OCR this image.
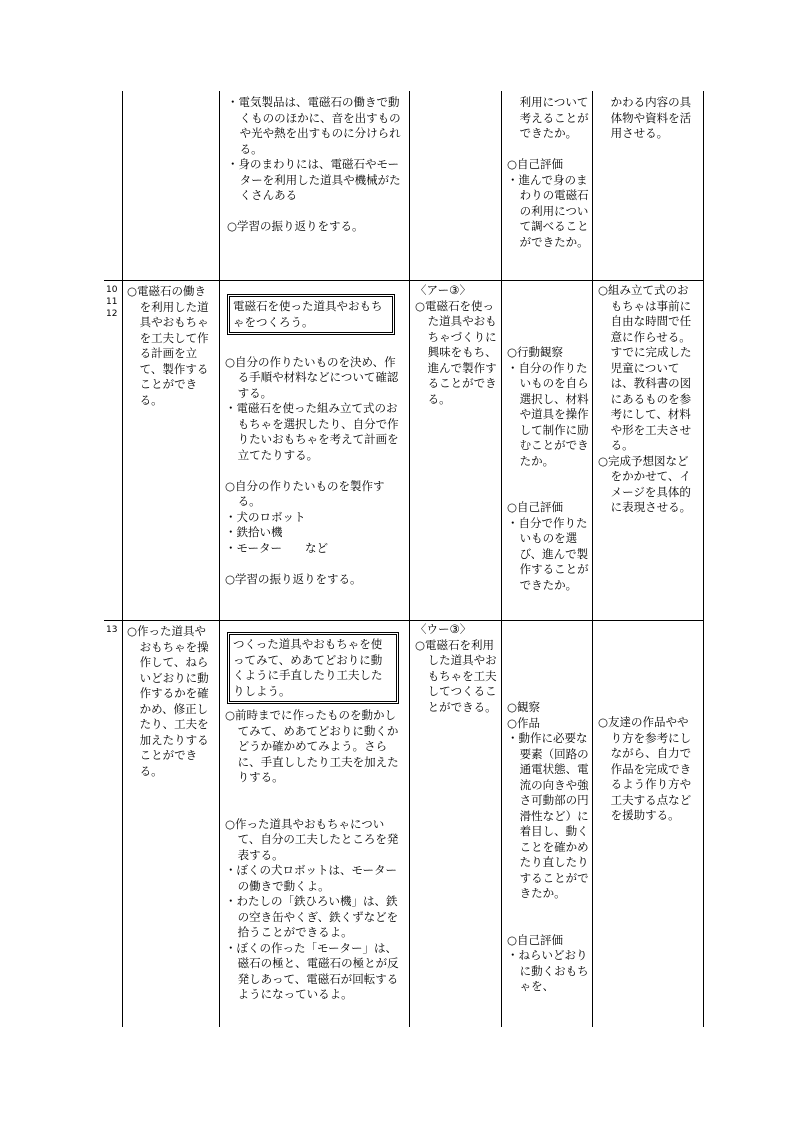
・電気製品は、電磁石の働きで動くもののほかに、音を出すものや光や熱を出すものに分けられる。

・身のまわりには、電磁石やモーターを利用した道具や機械がたくさんある

○学習の振り返りをする。

利用について考えることができたか。

○自己評価

・進んで身のまわりの電磁石の利用について調べることができたか。

かわる内容の具体物や資料を活用させる。

10

11

12

○電磁石の働きを利用した道具やおもちゃを工夫して作る計画を立て、製作することができる。

電磁石を使った道具やおもちゃをつくろう。

○自分の作りたいものを決め、作る手順や材料などについて確認する。

・電磁石を使った組み立て式のおもちゃを選択したり、自分で作りたいおもちゃを考えて計画を立てたりする。

○自分の作りたいものを製作する。

・犬のロボット

・鉄拾い機

・モーター　　など

○学習の振り返りをする。

〈アー③〉

○電磁石を使った道具やおもちゃづくりに興味をもち、進んで製作することができる。

○行動観察

・自分の作りたいものを自ら選択し、材料や道具を操作して制作に励むことができたか。

○自己評価

・自分で作りたいものを選び、進んで製作することができたか。

○組み立て式のおもちゃは事前に自由な時間で任意に作らせる。すでに完成した児童については、教科書の図にあるものを参考にして、材料や形を工夫させる。

○完成予想図などをかかせて、イメージを具体的に表現させる。

13 ○作った道具やおもちゃを操作して、ねらいどおりに動作するかを確かめ、修正したり、工夫を加えたりすることができる。

つくった道具やおもちゃを使ってみて、めあてどおりに動くように手直したり工夫したりしよう。

○前時までに作ったものを動かしてみて、めあてどおりに動くかどうか確かめてみよう。さらに、手直ししたり工夫を加えたりする。

○作った道具やおもちゃについて、自分の工夫したところを発表する。

・ぼくの犬ロボットは、モーターの働きで動くよ。

・わたしの「鉄ひろい機」は、鉄の空き缶やくぎ、鉄くずなどを拾うことができるよ。

・ぼくの作った「モーター」は、磁石の極と、電磁石の極とが反発しあって、電磁石が回転するようになっているよ。

〈ウー③〉

○電磁石を利用した道具やおもちゃを工夫してつくることができる。 ○観察

○作品

・動作に必要な要素（回路の通電状態、電流の向きや強さ可動部の円滑性など）に着目し、動くことを確かめたり直したりすることができたか。

○自己評価

・ねらいどおりに動くおもちゃを、

○友達の作品ややり方を参考にしながら、自力で作品を完成できるよう作り方や工夫する点などを援助する。
